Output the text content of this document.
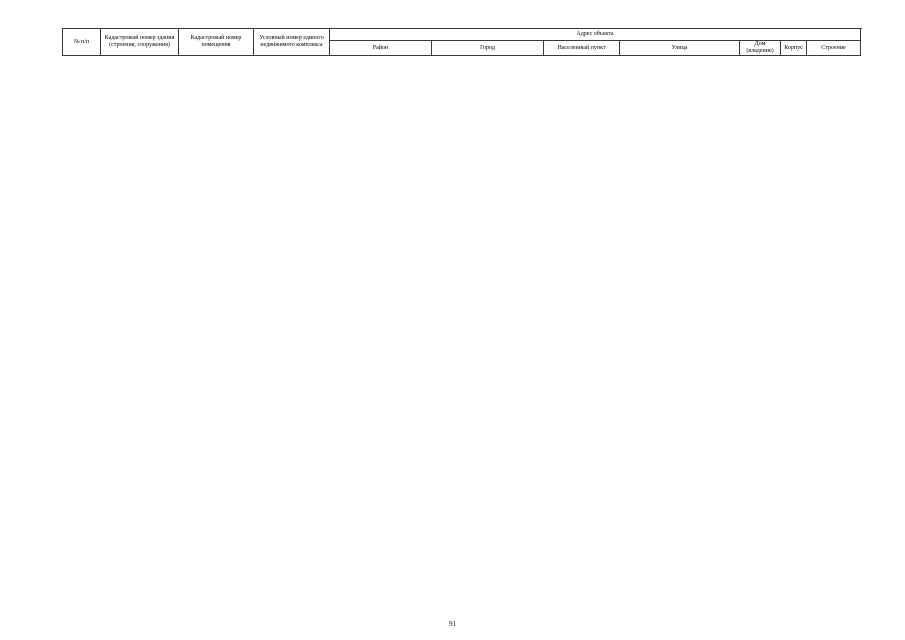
№ п/п	Кадастровый номер здания (строения, сооружения)	Кадастровый номер помещения	Условный номер единого недвижимого комплекса	Адрес объекта							
				Район	Город	Населенный пункт	Улица	Дом (владение)	Корпус	Строение	
91
